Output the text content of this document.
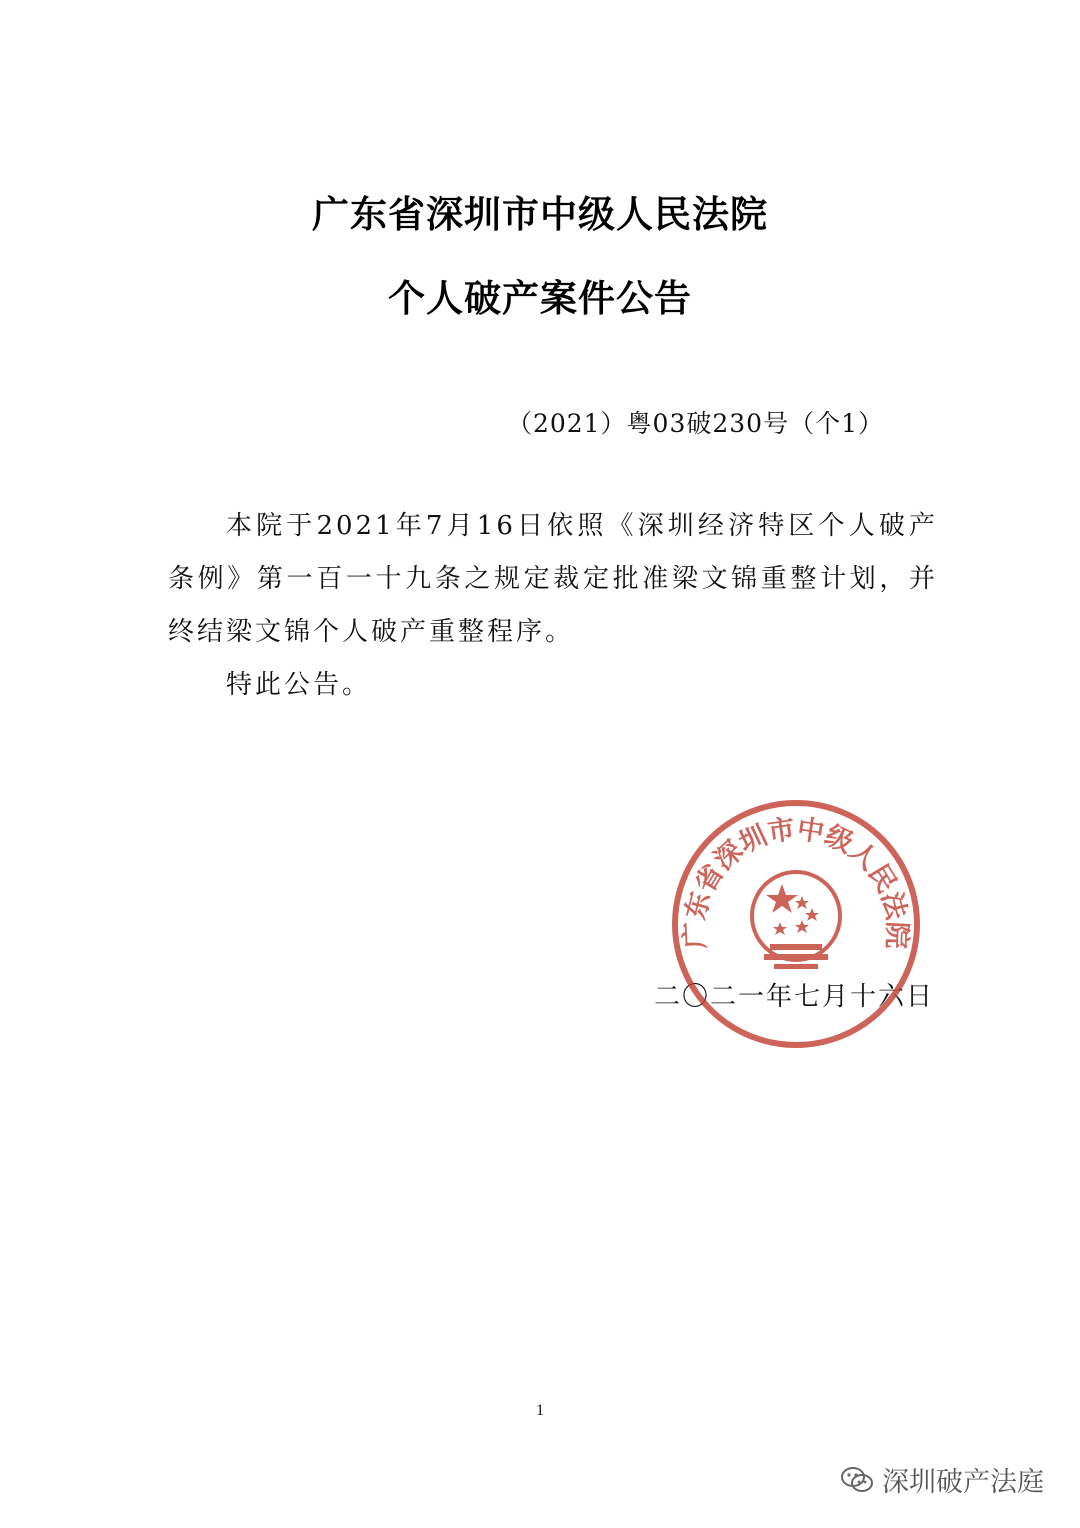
广东省深圳市中级人民法院
个人破产案件公告
（2021）粤03破230号（个1）

本院于2021年7月16日依照《深圳经济特区个人破产条例》第一百一十九条之规定裁定批准梁文锦重整计划，并终结梁文锦个人破产重整程序。

特此公告。

二〇二一年七月十六日
广东省深圳市中级人民法院
1
深圳破产法庭
